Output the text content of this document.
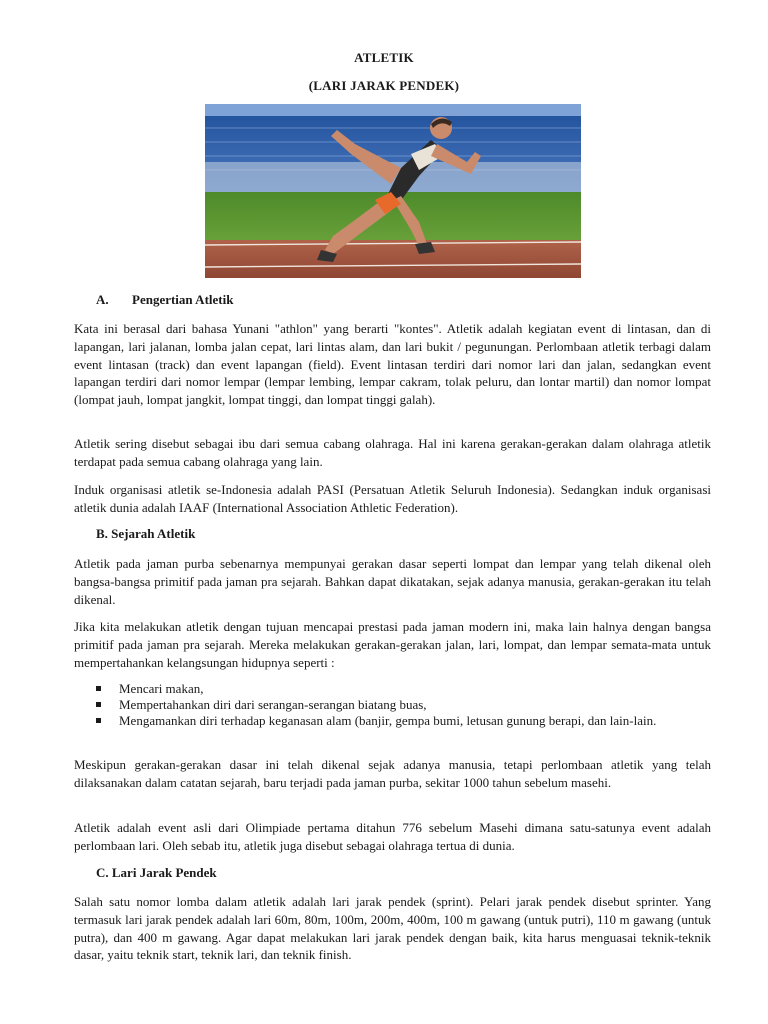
ATLETIK
(LARI JARAK PENDEK)
A. Pengertian Atletik
Kata ini berasal dari bahasa Yunani "athlon" yang berarti "kontes". Atletik adalah kegiatan event di lintasan, dan di lapangan, lari jalanan, lomba jalan cepat, lari lintas alam, dan lari bukit / pegunungan. Perlombaan atletik terbagi dalam event lintasan (track) dan event lapangan (field). Event lintasan terdiri dari nomor lari dan jalan, sedangkan event lapangan terdiri dari nomor lempar (lempar lembing, lempar cakram, tolak peluru, dan lontar martil) dan nomor lompat (lompat jauh, lompat jangkit, lompat tinggi, dan lompat tinggi galah).
Atletik sering disebut sebagai ibu dari semua cabang olahraga. Hal ini karena gerakan-gerakan dalam olahraga atletik terdapat pada semua cabang olahraga yang lain.
Induk organisasi atletik se-Indonesia adalah PASI (Persatuan Atletik Seluruh Indonesia). Sedangkan induk organisasi atletik dunia adalah IAAF (International Association Athletic Federation).
B. Sejarah Atletik
Atletik pada jaman purba sebenarnya mempunyai gerakan dasar seperti lompat dan lempar yang telah dikenal oleh bangsa-bangsa primitif pada jaman pra sejarah. Bahkan dapat dikatakan, sejak adanya manusia, gerakan-gerakan itu telah dikenal.
Jika kita melakukan atletik dengan tujuan mencapai prestasi pada jaman modern ini, maka lain halnya dengan bangsa primitif pada jaman pra sejarah. Mereka melakukan gerakan-gerakan jalan, lari, lompat, dan lempar semata-mata untuk mempertahankan kelangsungan hidupnya seperti :
Mencari makan,
Mempertahankan diri dari serangan-serangan biatang buas,
Mengamankan diri terhadap keganasan alam (banjir, gempa bumi, letusan gunung berapi, dan lain-lain.
Meskipun gerakan-gerakan dasar ini telah dikenal sejak adanya manusia, tetapi perlombaan atletik yang telah dilaksanakan dalam catatan sejarah, baru terjadi pada jaman purba, sekitar 1000 tahun sebelum masehi.
Atletik adalah event asli dari Olimpiade pertama ditahun 776 sebelum Masehi dimana satu-satunya event adalah perlombaan lari. Oleh sebab itu, atletik juga disebut sebagai olahraga tertua di dunia.
C. Lari Jarak Pendek
Salah satu nomor lomba dalam atletik adalah lari jarak pendek (sprint). Pelari jarak pendek disebut sprinter. Yang termasuk lari jarak pendek adalah lari 60m, 80m, 100m, 200m, 400m, 100 m gawang (untuk putri), 110 m gawang (untuk putra), dan 400 m gawang. Agar dapat melakukan lari jarak pendek dengan baik, kita harus menguasai teknik-teknik dasar, yaitu teknik start, teknik lari, dan teknik finish.
